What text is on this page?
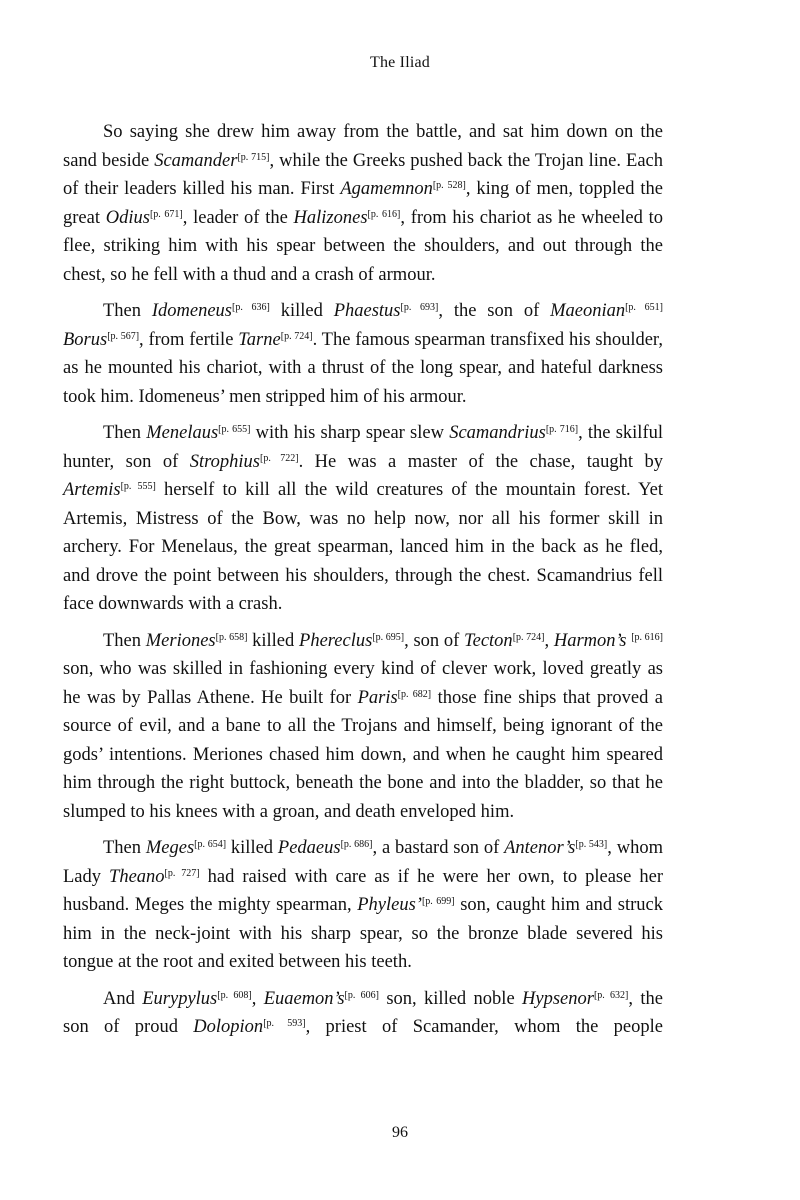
The Iliad

So saying she drew him away from the battle, and sat him down on the sand beside Scamander[p. 715], while the Greeks pushed back the Trojan line. Each of their leaders killed his man. First Agamemnon[p. 528], king of men, toppled the great Odius[p. 671], leader of the Halizones[p. 616], from his chariot as he wheeled to flee, striking him with his spear between the shoulders, and out through the chest, so he fell with a thud and a crash of armour.

Then Idomeneus[p. 636] killed Phaestus[p. 693], the son of Maeonian[p. 651] Borus[p. 567], from fertile Tarne[p. 724]. The famous spearman transfixed his shoulder, as he mounted his chariot, with a thrust of the long spear, and hateful darkness took him. Idomeneus’ men stripped him of his armour.

Then Menelaus[p. 655] with his sharp spear slew Scamandrius[p. 716], the skilful hunter, son of Strophius[p. 722]. He was a master of the chase, taught by Artemis[p. 555] herself to kill all the wild creatures of the mountain forest. Yet Artemis, Mistress of the Bow, was no help now, nor all his former skill in archery. For Menelaus, the great spearman, lanced him in the back as he fled, and drove the point between his shoulders, through the chest. Scamandrius fell face downwards with a crash.

Then Meriones[p. 658] killed Phereclus[p. 695], son of Tecton[p. 724], Harmon’s [p. 616] son, who was skilled in fashioning every kind of clever work, loved greatly as he was by Pallas Athene. He built for Paris[p. 682] those fine ships that proved a source of evil, and a bane to all the Trojans and himself, being ignorant of the gods’ intentions. Meriones chased him down, and when he caught him speared him through the right buttock, beneath the bone and into the bladder, so that he slumped to his knees with a groan, and death enveloped him.

Then Meges[p. 654] killed Pedaeus[p. 686], a bastard son of Antenor’s[p. 543], whom Lady Theano[p. 727] had raised with care as if he were her own, to please her husband. Meges the mighty spearman, Phyleus’[p. 699] son, caught him and struck him in the neck-joint with his sharp spear, so the bronze blade severed his tongue at the root and exited between his teeth.

And Eurypylus[p. 608], Euaemon’s[p. 606] son, killed noble Hypsenor[p. 632], the son of proud Dolopion[p. 593], priest of Scamander, whom the people

96
